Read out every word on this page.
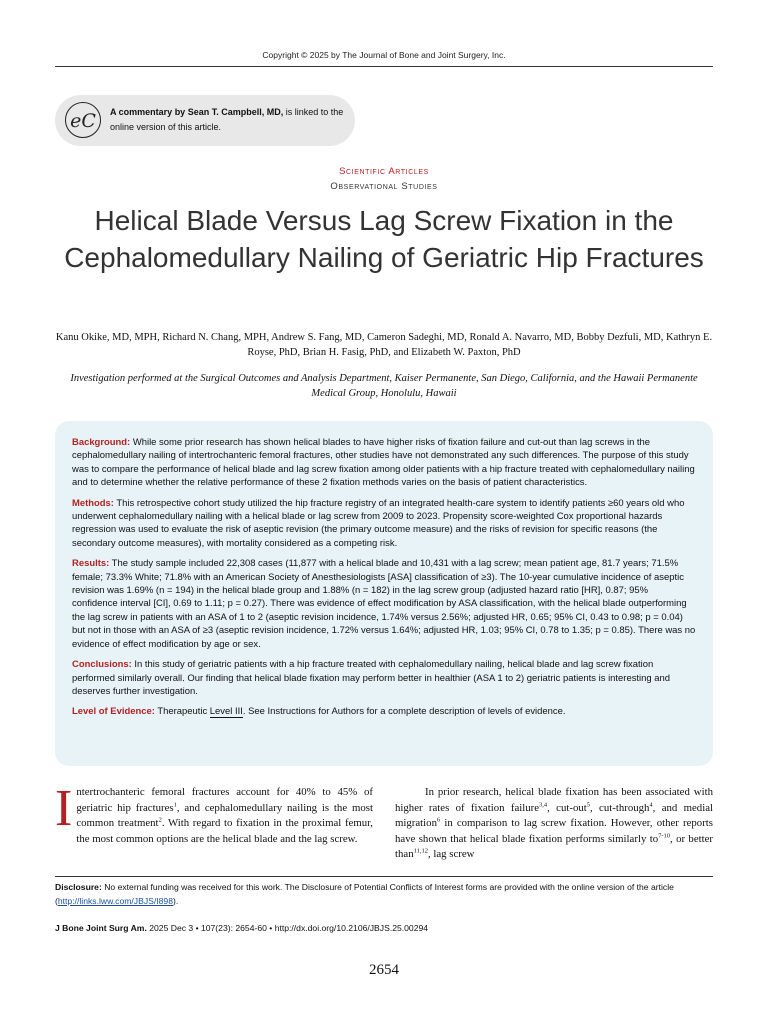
Copyright © 2025 by The Journal of Bone and Joint Surgery, Inc.
eC	A commentary by Sean T. Campbell, MD, is linked to the online version of this article.
Scientific Articles
Observational Studies
Helical Blade Versus Lag Screw Fixation in the Cephalomedullary Nailing of Geriatric Hip Fractures
Kanu Okike, MD, MPH, Richard N. Chang, MPH, Andrew S. Fang, MD, Cameron Sadeghi, MD, Ronald A. Navarro, MD, Bobby Dezfuli, MD, Kathryn E. Royse, PhD, Brian H. Fasig, PhD, and Elizabeth W. Paxton, PhD
Investigation performed at the Surgical Outcomes and Analysis Department, Kaiser Permanente, San Diego, California, and the Hawaii Permanente Medical Group, Honolulu, Hawaii

Background: While some prior research has shown helical blades to have higher risks of fixation failure and cut-out than lag screws in the cephalomedullary nailing of intertrochanteric femoral fractures, other studies have not demonstrated any such differences. The purpose of this study was to compare the performance of helical blade and lag screw fixation among older patients with a hip fracture treated with cephalomedullary nailing and to determine whether the relative performance of these 2 fixation methods varies on the basis of patient characteristics.

Methods: This retrospective cohort study utilized the hip fracture registry of an integrated health-care system to identify patients ≥60 years old who underwent cephalomedullary nailing with a helical blade or lag screw from 2009 to 2023. Propensity score-weighted Cox proportional hazards regression was used to evaluate the risk of aseptic revision (the primary outcome measure) and the risks of revision for specific reasons (the secondary outcome measures), with mortality considered as a competing risk.

Results: The study sample included 22,308 cases (11,877 with a helical blade and 10,431 with a lag screw; mean patient age, 81.7 years; 71.5% female; 73.3% White; 71.8% with an American Society of Anesthesiologists [ASA] classification of ≥3). The 10-year cumulative incidence of aseptic revision was 1.69% (n = 194) in the helical blade group and 1.88% (n = 182) in the lag screw group (adjusted hazard ratio [HR], 0.87; 95% confidence interval [CI], 0.69 to 1.11; p = 0.27). There was evidence of effect modification by ASA classification, with the helical blade outperforming the lag screw in patients with an ASA of 1 to 2 (aseptic revision incidence, 1.74% versus 2.56%; adjusted HR, 0.65; 95% CI, 0.43 to 0.98; p = 0.04) but not in those with an ASA of ≥3 (aseptic revision incidence, 1.72% versus 1.64%; adjusted HR, 1.03; 95% CI, 0.78 to 1.35; p = 0.85). There was no evidence of effect modification by age or sex.

Conclusions: In this study of geriatric patients with a hip fracture treated with cephalomedullary nailing, helical blade and lag screw fixation performed similarly overall. Our finding that helical blade fixation may perform better in healthier (ASA 1 to 2) geriatric patients is interesting and deserves further investigation.

Level of Evidence: Therapeutic Level III. See Instructions for Authors for a complete description of levels of evidence.

Intertrochanteric femoral fractures account for 40% to 45% of geriatric hip fractures$^1$, and cephalomedullary nailing is the most common treatment$^2$. With regard to fixation in the proximal femur, the most common options are the helical blade and the lag screw.
In prior research, helical blade fixation has been associated with higher rates of fixation failure$^{3,4}$, cut-out$^5$, cut-through$^4$, and medial migration$^6$ in comparison to lag screw fixation. However, other reports have shown that helical blade fixation performs similarly $to^{7-10}$, or better than$^{11,12}$, lag screw
Disclosure: No external funding was received for this work. The Disclosure of Potential Conflicts of Interest forms are provided with the online version of the article (http://links.lww.com/JBJS/I898).
J Bone Joint Surg Am. 2025 Dec 3 • 107(23): 2654-60 • http://dx.doi.org/10.2106/JBJS.25.00294
2654
